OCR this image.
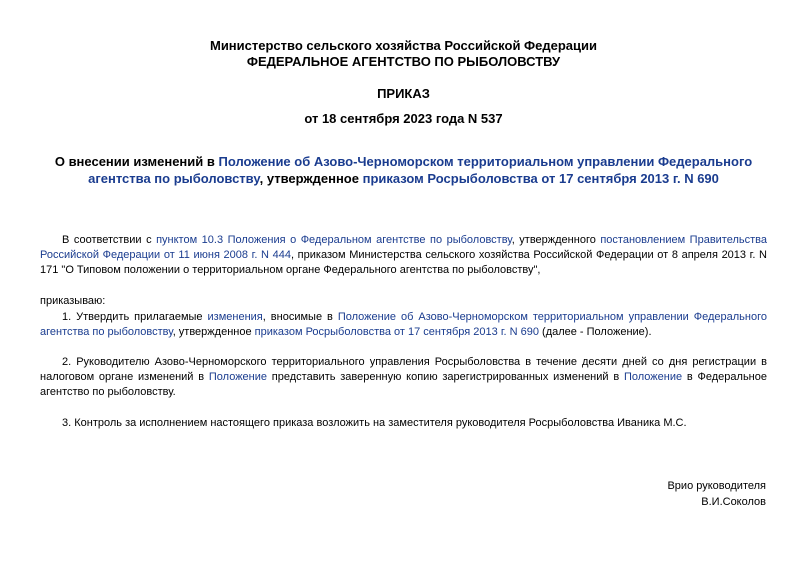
Министерство сельского хозяйства Российской Федерации
ФЕДЕРАЛЬНОЕ АГЕНТСТВО ПО РЫБОЛОВСТВУ
ПРИКАЗ
от 18 сентября 2023 года N 537
О внесении изменений в Положение об Азово-Черноморском территориальном управлении Федерального агентства по рыболовству, утвержденное приказом Росрыболовства от 17 сентября 2013 г. N 690

В соответствии с пунктом 10.3 Положения о Федеральном агентстве по рыболовству, утвержденного постановлением Правительства Российской Федерации от 11 июня 2008 г. N 444, приказом Министерства сельского хозяйства Российской Федерации от 8 апреля 2013 г. N 171 "О Типовом положении о территориальном органе Федерального агентства по рыболовству",

приказываю:

1. Утвердить прилагаемые изменения, вносимые в Положение об Азово-Черноморском территориальном управлении Федерального агентства по рыболовству, утвержденное приказом Росрыболовства от 17 сентября 2013 г. N 690 (далее - Положение).

2. Руководителю Азово-Черноморского территориального управления Росрыболовства в течение десяти дней со дня регистрации в налоговом органе изменений в Положение представить заверенную копию зарегистрированных изменений в Положение в Федеральное агентство по рыболовству.

3. Контроль за исполнением настоящего приказа возложить на заместителя руководителя Росрыболовства Иваника М.С.

Врио руководителя
В.И.Соколов
